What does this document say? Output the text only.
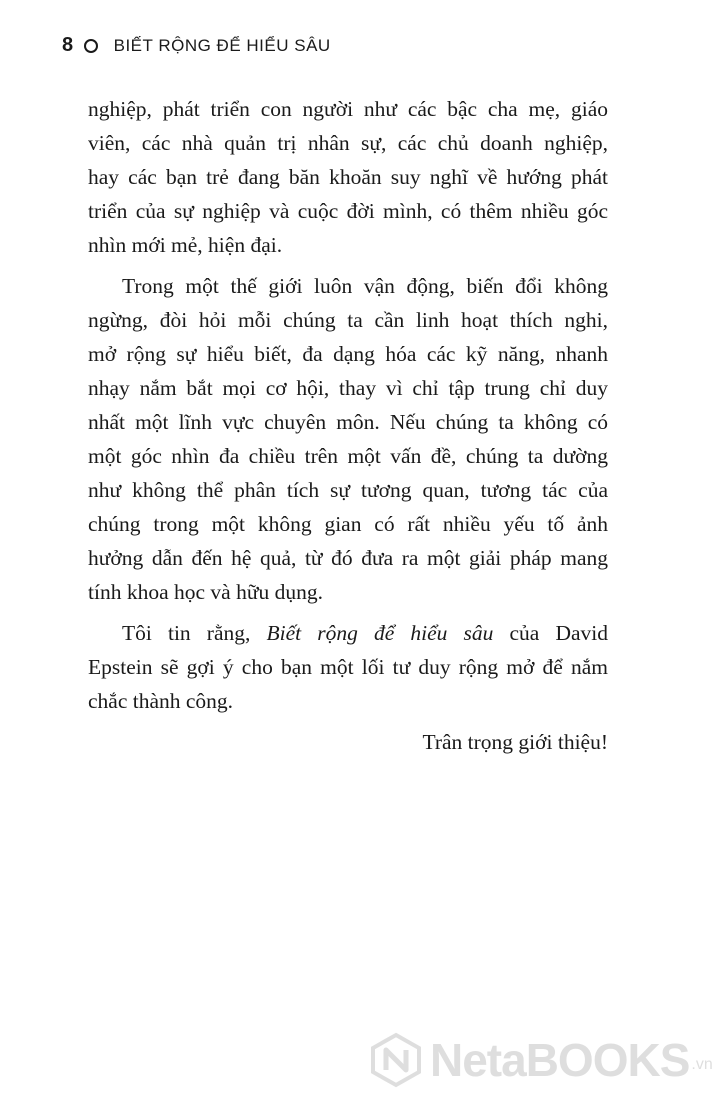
8 BIẾT RỘNG ĐỂ HIỂU SÂU
nghiệp, phát triển con người như các bậc cha mẹ, giáo
viên, các nhà quản trị nhân sự, các chủ doanh nghiệp,
hay các bạn trẻ đang băn khoăn suy nghĩ về hướng phát
triển của sự nghiệp và cuộc đời mình, có thêm nhiều góc
nhìn mới mẻ, hiện đại.
Trong một thế giới luôn vận động, biến đổi không
ngừng, đòi hỏi mỗi chúng ta cần linh hoạt thích nghi,
mở rộng sự hiểu biết, đa dạng hóa các kỹ năng, nhanh
nhạy nắm bắt mọi cơ hội, thay vì chỉ tập trung chỉ duy
nhất một lĩnh vực chuyên môn. Nếu chúng ta không có
một góc nhìn đa chiều trên một vấn đề, chúng ta dường
như không thể phân tích sự tương quan, tương tác của
chúng trong một không gian có rất nhiều yếu tố ảnh
hưởng dẫn đến hệ quả, từ đó đưa ra một giải pháp mang
tính khoa học và hữu dụng.
Tôi tin rằng, Biết rộng để hiểu sâu của David
Epstein sẽ gợi ý cho bạn một lối tư duy rộng mở để nắm
chắc thành công.
Trân trọng giới thiệu!
NetaBOOKS .vn
